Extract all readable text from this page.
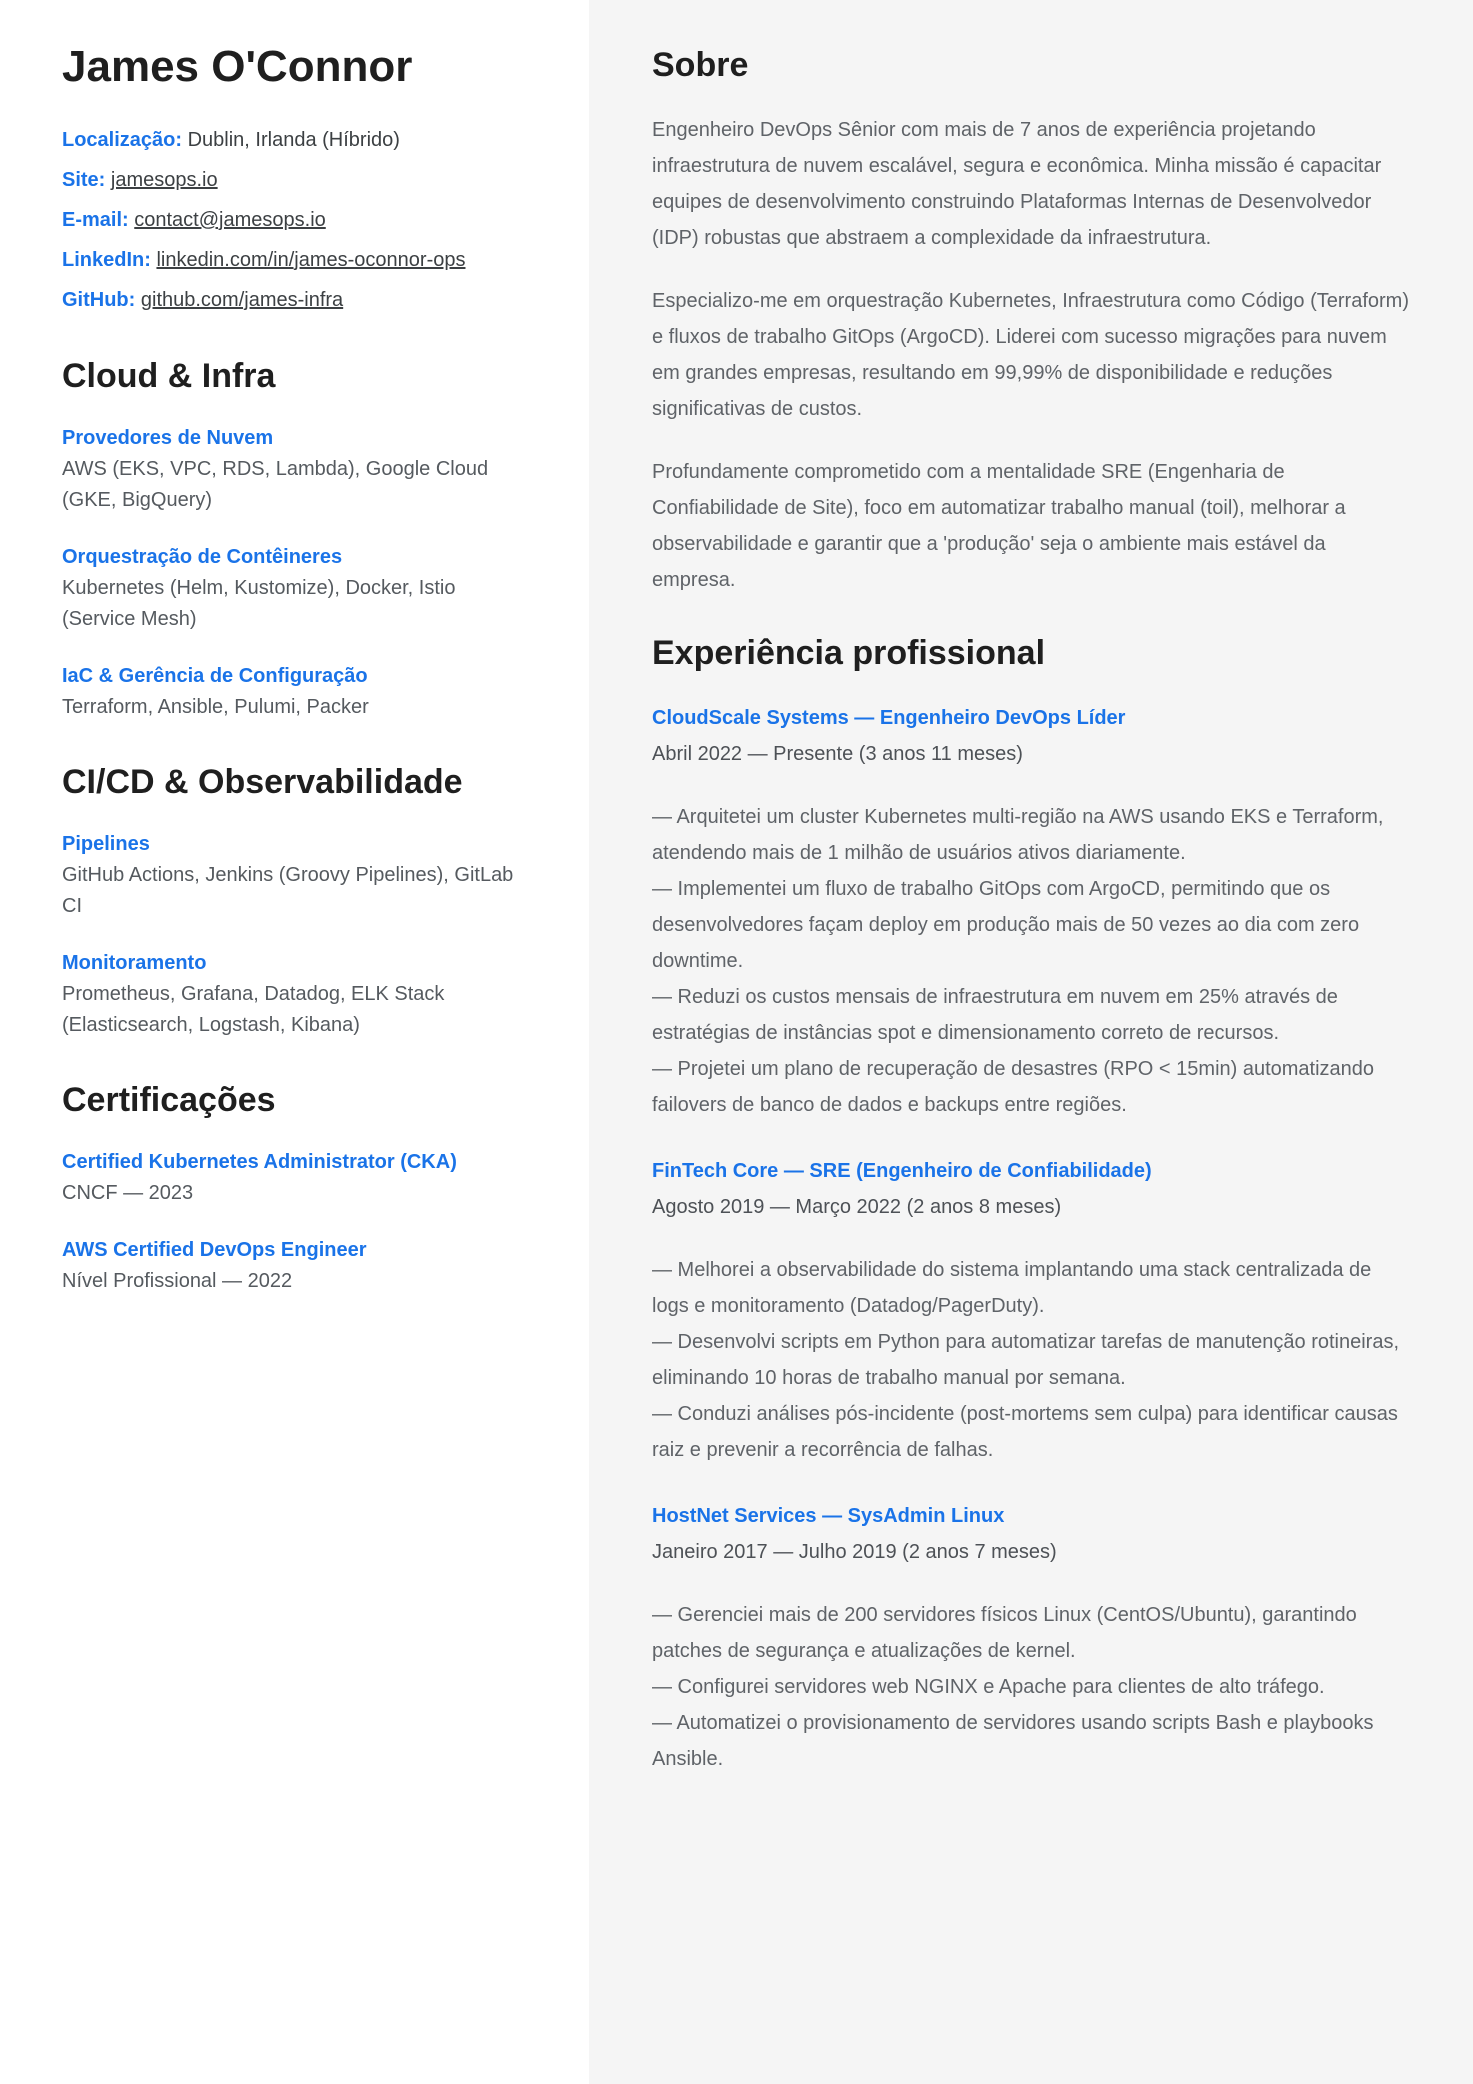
James O'Connor
Localização: Dublin, Irlanda (Híbrido)
Site: jamesops.io
E-mail: contact@jamesops.io
LinkedIn: linkedin.com/in/james-oconnor-ops
GitHub: github.com/james-infra
Cloud & Infra
Provedores de Nuvem
AWS (EKS, VPC, RDS, Lambda), Google Cloud (GKE, BigQuery)
Orquestração de Contêineres
Kubernetes (Helm, Kustomize), Docker, Istio (Service Mesh)
IaC & Gerência de Configuração
Terraform, Ansible, Pulumi, Packer
CI/CD & Observabilidade
Pipelines
GitHub Actions, Jenkins (Groovy Pipelines), GitLab CI
Monitoramento
Prometheus, Grafana, Datadog, ELK Stack (Elasticsearch, Logstash, Kibana)
Certificações
Certified Kubernetes Administrator (CKA)
CNCF — 2023
AWS Certified DevOps Engineer
Nível Profissional — 2022
Sobre

Engenheiro DevOps Sênior com mais de 7 anos de experiência projetando infraestrutura de nuvem escalável, segura e econômica. Minha missão é capacitar equipes de desenvolvimento construindo Plataformas Internas de Desenvolvedor (IDP) robustas que abstraem a complexidade da infraestrutura.

Especializo-me em orquestração Kubernetes, Infraestrutura como Código (Terraform) e fluxos de trabalho GitOps (ArgoCD). Liderei com sucesso migrações para nuvem em grandes empresas, resultando em 99,99% de disponibilidade e reduções significativas de custos.

Profundamente comprometido com a mentalidade SRE (Engenharia de Confiabilidade de Site), foco em automatizar trabalho manual (toil), melhorar a observabilidade e garantir que a 'produção' seja o ambiente mais estável da empresa.

Experiência profissional
CloudScale Systems — Engenheiro DevOps Líder
Abril 2022 — Presente (3 anos 11 meses)
— Arquitetei um cluster Kubernetes multi-região na AWS usando EKS e Terraform, atendendo mais de 1 milhão de usuários ativos diariamente.
— Implementei um fluxo de trabalho GitOps com ArgoCD, permitindo que os desenvolvedores façam deploy em produção mais de 50 vezes ao dia com zero downtime.
— Reduzi os custos mensais de infraestrutura em nuvem em 25% através de estratégias de instâncias spot e dimensionamento correto de recursos.
— Projetei um plano de recuperação de desastres (RPO < 15min) automatizando failovers de banco de dados e backups entre regiões.
FinTech Core — SRE (Engenheiro de Confiabilidade)
Agosto 2019 — Março 2022 (2 anos 8 meses)
— Melhorei a observabilidade do sistema implantando uma stack centralizada de logs e monitoramento (Datadog/PagerDuty).
— Desenvolvi scripts em Python para automatizar tarefas de manutenção rotineiras, eliminando 10 horas de trabalho manual por semana.
— Conduzi análises pós-incidente (post-mortems sem culpa) para identificar causas raiz e prevenir a recorrência de falhas.
HostNet Services — SysAdmin Linux
Janeiro 2017 — Julho 2019 (2 anos 7 meses)
— Gerenciei mais de 200 servidores físicos Linux (CentOS/Ubuntu), garantindo patches de segurança e atualizações de kernel.
— Configurei servidores web NGINX e Apache para clientes de alto tráfego.
— Automatizei o provisionamento de servidores usando scripts Bash e playbooks Ansible.
